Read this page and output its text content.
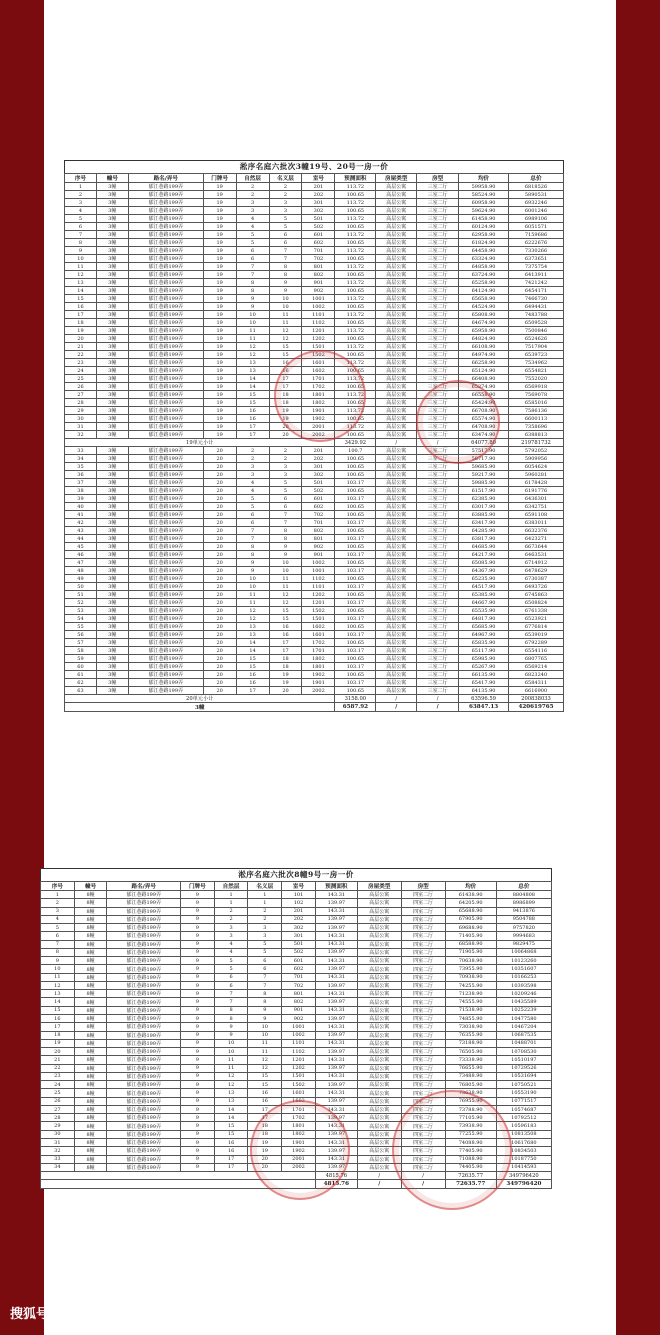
淞序名庭六批次3幢19号、20号一房一价
序号	幢号	路名/弄号	门牌号	自然层	名义层	室号	预测面积	房屋类型	房型	均价	总价
1	3幢	郁江巷路199弄	19	2	2	201	113.72	高层公寓	三室二厅	59958.90	6818526
2	3幢	郁江巷路199弄	19	2	2	202	100.65	高层公寓	三室二厅	58524.90	5890531
3	3幢	郁江巷路199弄	19	3	3	301	113.72	高层公寓	三室二厅	60958.90	6932246
4	3幢	郁江巷路199弄	19	3	3	302	100.65	高层公寓	三室二厅	59624.90	6001246
5	3幢	郁江巷路199弄	19	4	5	501	113.72	高层公寓	三室二厅	61458.90	6989106
6	3幢	郁江巷路199弄	19	4	5	502	100.65	高层公寓	三室二厅	60124.90	6051571
7	3幢	郁江巷路199弄	19	5	6	601	113.72	高层公寓	三室二厅	62958.90	7159686
8	3幢	郁江巷路199弄	19	5	6	602	100.65	高层公寓	三室二厅	61824.90	6222676
9	3幢	郁江巷路199弄	19	6	7	701	113.72	高层公寓	三室二厅	64458.90	7330266
10	3幢	郁江巷路199弄	19	6	7	702	100.65	高层公寓	三室二厅	63324.90	6373651
11	3幢	郁江巷路199弄	19	7	8	801	113.72	高层公寓	三室二厅	64858.90	7375754
12	3幢	郁江巷路199弄	19	7	8	802	100.65	高层公寓	三室二厅	63724.90	6413911
13	3幢	郁江巷路199弄	19	8	9	901	113.72	高层公寓	三室二厅	65258.90	7421242
14	3幢	郁江巷路199弄	19	8	9	902	100.65	高层公寓	三室二厅	64124.90	6454171
15	3幢	郁江巷路199弄	19	9	10	1001	113.72	高层公寓	三室二厅	65658.90	7466730
16	3幢	郁江巷路199弄	19	9	10	1002	100.65	高层公寓	三室二厅	64524.90	6494431
17	3幢	郁江巷路199弄	19	10	11	1101	113.72	高层公寓	三室二厅	65808.90	7483788
18	3幢	郁江巷路199弄	19	10	11	1102	100.65	高层公寓	三室二厅	64674.90	6509528
19	3幢	郁江巷路199弄	19	11	12	1201	113.72	高层公寓	三室二厅	65958.90	7500846
20	3幢	郁江巷路199弄	19	11	12	1202	100.65	高层公寓	三室二厅	64824.90	6524626
21	3幢	郁江巷路199弄	19	12	15	1501	113.72	高层公寓	三室二厅	66108.90	7517904
22	3幢	郁江巷路199弄	19	12	15	1502	100.65	高层公寓	三室二厅	64974.90	6539723
23	3幢	郁江巷路199弄	19	13	16	1601	113.72	高层公寓	三室二厅	66258.90	7534962
24	3幢	郁江巷路199弄	19	13	16	1602	100.65	高层公寓	三室二厅	65124.90	6554821
25	3幢	郁江巷路199弄	19	14	17	1701	113.72	高层公寓	三室二厅	66408.90	7552020
26	3幢	郁江巷路199弄	19	14	17	1702	100.65	高层公寓	三室二厅	65274.90	6569918
27	3幢	郁江巷路199弄	19	15	18	1801	113.72	高层公寓	三室二厅	66558.90	7569078
28	3幢	郁江巷路199弄	19	15	18	1802	100.65	高层公寓	三室二厅	65424.90	6585016
29	3幢	郁江巷路199弄	19	16	19	1901	113.72	高层公寓	三室二厅	66708.90	7586136
30	3幢	郁江巷路199弄	19	16	19	1902	100.65	高层公寓	三室二厅	65574.90	6600113
31	3幢	郁江巷路199弄	19	17	20	2001	113.72	高层公寓	三室二厅	64708.90	7358696
32	3幢	郁江巷路199弄	19	17	20	2002	100.65	高层公寓	三室二厅	63474.90	6388813
19单元小计							3429.92	/	/	64077.80	219781732
33	3幢	郁江巷路199弄	20	2	2	201	100.7	高层公寓	三室二厅	57517.90	5792052
34	3幢	郁江巷路199弄	20	2	2	202	100.65	高层公寓	三室二厅	58717.90	5909956
35	3幢	郁江巷路199弄	20	3	3	301	100.65	高层公寓	三室二厅	59685.90	6054624
36	3幢	郁江巷路199弄	20	3	3	302	100.65	高层公寓	三室二厅	59217.90	5960281
37	3幢	郁江巷路199弄	20	4	5	501	103.17	高层公寓	三室二厅	59885.90	6178428
38	3幢	郁江巷路199弄	20	4	5	502	100.65	高层公寓	三室二厅	61517.90	6191776
39	3幢	郁江巷路199弄	20	5	6	601	103.17	高层公寓	三室二厅	62385.90	6436301
40	3幢	郁江巷路199弄	20	5	6	602	100.65	高层公寓	三室二厅	63017.90	6342751
41	3幢	郁江巷路199弄	20	6	7	702	100.65	高层公寓	三室二厅	63885.90	6591108
42	3幢	郁江巷路199弄	20	6	7	701	103.17	高层公寓	三室二厅	63417.90	6383011
43	3幢	郁江巷路199弄	20	7	8	802	100.65	高层公寓	三室二厅	64285.90	6632376
44	3幢	郁江巷路199弄	20	7	8	801	103.17	高层公寓	三室二厅	63817.90	6423271
45	3幢	郁江巷路199弄	20	8	9	902	100.65	高层公寓	三室二厅	64685.90	6673644
46	3幢	郁江巷路199弄	20	8	9	901	103.17	高层公寓	三室二厅	64217.90	6463531
47	3幢	郁江巷路199弄	20	9	10	1002	100.65	高层公寓	三室二厅	65085.90	6714912
48	3幢	郁江巷路199弄	20	9	10	1001	103.17	高层公寓	三室二厅	64367.90	6478629
49	3幢	郁江巷路199弄	20	10	11	1102	100.65	高层公寓	三室二厅	65235.90	6730387
50	3幢	郁江巷路199弄	20	10	11	1101	103.17	高层公寓	三室二厅	64517.90	6493726
51	3幢	郁江巷路199弄	20	11	12	1202	100.65	高层公寓	三室二厅	65385.90	6745863
52	3幢	郁江巷路199弄	20	11	12	1201	103.17	高层公寓	三室二厅	64667.90	6508824
53	3幢	郁江巷路199弄	20	12	15	1502	100.65	高层公寓	三室二厅	65535.90	6761338
54	3幢	郁江巷路199弄	20	12	15	1501	103.17	高层公寓	三室二厅	64817.90	6523921
55	3幢	郁江巷路199弄	20	13	16	1602	100.65	高层公寓	三室二厅	65685.90	6776814
56	3幢	郁江巷路199弄	20	13	16	1601	103.17	高层公寓	三室二厅	64967.90	6539019
57	3幢	郁江巷路199弄	20	14	17	1702	100.65	高层公寓	三室二厅	65835.90	6792289
58	3幢	郁江巷路199弄	20	14	17	1701	103.17	高层公寓	三室二厅	65117.90	6554116
59	3幢	郁江巷路199弄	20	15	18	1802	100.65	高层公寓	三室二厅	65985.90	6807765
60	3幢	郁江巷路199弄	20	15	18	1801	103.17	高层公寓	三室二厅	65267.90	6569214
61	3幢	郁江巷路199弄	20	16	19	1902	100.65	高层公寓	三室二厅	66135.90	6823240
62	3幢	郁江巷路199弄	20	16	19	1901	103.17	高层公寓	三室二厅	65417.90	6584311
63	3幢	郁江巷路199弄	20	17	20	2002	100.65	高层公寓	三室二厅	64135.90	6616900
20单元小计							3158.00	/	/	63596.59	200838033
3幢							6587.92	/	/	63847.13	420619765
淞序名庭六批次8幢9号一房一价
序号	幢号	路名/弄号	门牌号	自然层	名义层	室号	预测面积	房屋类型	房型	均价	总价
1	8幢	郁江巷路199弄	9	1	1	101	143.31	高层公寓	四室二厅	61438.90	8804808
2	8幢	郁江巷路199弄	9	1	1	102	139.97	高层公寓	四室二厅	64205.90	8986899
3	8幢	郁江巷路199弄	9	2	2	201	143.31	高层公寓	四室二厅	65688.90	9413876
4	8幢	郁江巷路199弄	9	2	2	202	139.97	高层公寓	四室二厅	67905.90	9504788
5	8幢	郁江巷路199弄	9	3	3	302	139.97	高层公寓	四室二厅	69688.90	9757820
6	8幢	郁江巷路199弄	9	3	3	301	143.31	高层公寓	四室二厅	71405.90	9994683
7	8幢	郁江巷路199弄	9	4	5	501	143.31	高层公寓	四室二厅	68588.90	9829475
8	8幢	郁江巷路199弄	9	4	5	502	139.97	高层公寓	四室二厅	71905.90	10064868
9	8幢	郁江巷路199弄	9	5	6	601	143.31	高层公寓	四室二厅	70638.90	10123260
10	8幢	郁江巷路199弄	9	5	6	602	139.97	高层公寓	四室二厅	73955.90	10351607
11	8幢	郁江巷路199弄	9	6	7	701	143.31	高层公寓	四室二厅	70938.90	10166253
12	8幢	郁江巷路199弄	9	6	7	702	139.97	高层公寓	四室二厅	74255.90	10393598
13	8幢	郁江巷路199弄	9	7	8	801	143.31	高层公寓	四室二厅	71238.90	10209246
14	8幢	郁江巷路199弄	9	7	8	802	139.97	高层公寓	四室二厅	74555.90	10435589
15	8幢	郁江巷路199弄	9	8	9	901	143.31	高层公寓	四室二厅	71538.90	10252239
16	8幢	郁江巷路199弄	9	8	9	902	139.97	高层公寓	四室二厅	74855.90	10477580
17	8幢	郁江巷路199弄	9	9	10	1001	143.31	高层公寓	四室二厅	73038.90	10467204
18	8幢	郁江巷路199弄	9	9	10	1002	139.97	高层公寓	四室二厅	76355.90	10687535
19	8幢	郁江巷路199弄	9	10	11	1101	143.31	高层公寓	四室二厅	73188.90	10488701
20	8幢	郁江巷路199弄	9	10	11	1102	139.97	高层公寓	四室二厅	76505.90	10708530
21	8幢	郁江巷路199弄	9	11	12	1201	143.31	高层公寓	四室二厅	73338.90	10510197
22	8幢	郁江巷路199弄	9	11	12	1202	139.97	高层公寓	四室二厅	76655.90	10729526
23	8幢	郁江巷路199弄	9	12	15	1501	143.31	高层公寓	四室二厅	73488.90	10531694
24	8幢	郁江巷路199弄	9	12	15	1502	139.97	高层公寓	四室二厅	76805.90	10750521
25	8幢	郁江巷路199弄	9	13	16	1601	143.31	高层公寓	四室二厅	73638.90	10553190
26	8幢	郁江巷路199弄	9	13	16	1602	139.97	高层公寓	四室二厅	76955.90	10771517
27	8幢	郁江巷路199弄	9	14	17	1701	143.31	高层公寓	四室二厅	73788.90	10574687
28	8幢	郁江巷路199弄	9	14	17	1702	139.97	高层公寓	四室二厅	77105.90	10792512
29	8幢	郁江巷路199弄	9	15	18	1801	143.31	高层公寓	四室二厅	73938.90	10596183
30	8幢	郁江巷路199弄	9	15	18	1802	139.97	高层公寓	四室二厅	77255.90	10813508
31	8幢	郁江巷路199弄	9	16	19	1901	143.31	高层公寓	四室二厅	74088.90	10617680
32	8幢	郁江巷路199弄	9	16	19	1902	139.97	高层公寓	四室二厅	77405.90	10834503
33	8幢	郁江巷路199弄	9	17	20	2001	143.31	高层公寓	四室二厅	71088.90	10187750
34	8幢	郁江巷路199弄	9	17	20	2002	139.97	高层公寓	四室二厅	74405.90	10414593
							4815.76	/	/	72635.77	349796420
							4815.76	/	/	72635.77	349796420
搜狐号@搜狐焦点青浦站
